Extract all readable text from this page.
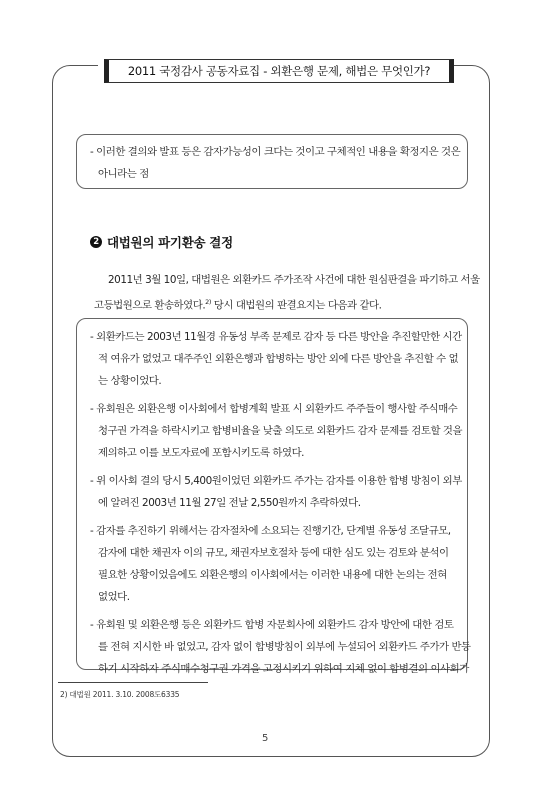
2011 국정감사 공동자료집 - 외환은행 문제, 해법은 무엇인가?
- 이러한 결의와 발표 등은 감자가능성이 크다는 것이고 구체적인 내용을 확정지은 것은
아니라는 점
2 대법원의 파기환송 결정
2011년 3월 10일, 대법원은 외환카드 주가조작 사건에 대한 원심판결을 파기하고 서울
고등법원으로 환송하였다.$^{2)}$ 당시 대법원의 판결요지는 다음과 같다.
- 외환카드는 2003년 11월경 유동성 부족 문제로 감자 등 다른 방안을 추진할만한 시간
적 여유가 없었고 대주주인 외환은행과 합병하는 방안 외에 다른 방안을 추진할 수 없
는 상황이었다.
- 유회원은 외환은행 이사회에서 합병계획 발표 시 외환카드 주주들이 행사할 주식매수
청구권 가격을 하락시키고 합병비율을 낮출 의도로 외환카드 감자 문제를 검토할 것을
제의하고 이를 보도자료에 포함시키도록 하였다.
- 위 이사회 결의 당시 5,400원이었던 외환카드 주가는 감자를 이용한 합병 방침이 외부
에 알려진 2003년 11월 27일 전날 2,550원까지 추락하였다.
- 감자를 추진하기 위해서는 감자절차에 소요되는 진행기간, 단계별 유동성 조달규모,
감자에 대한 채권자 이의 규모, 채권자보호절차 등에 대한 심도 있는 검토와 분석이
필요한 상황이었음에도 외환은행의 이사회에서는 이러한 내용에 대한 논의는 전혀
없었다.
- 유회원 및 외환은행 등은 외환카드 합병 자문회사에 외환카드 감자 방안에 대한 검토
를 전혀 지시한 바 없었고, 감자 없이 합병방침이 외부에 누설되어 외환카드 주가가 반등
하기 시작하자 주식매수청구권 가격을 고정시키기 위하여 지체 없이 합병결의 이사회가
2) 대법원 2011. 3.10. 2008도6335
5
